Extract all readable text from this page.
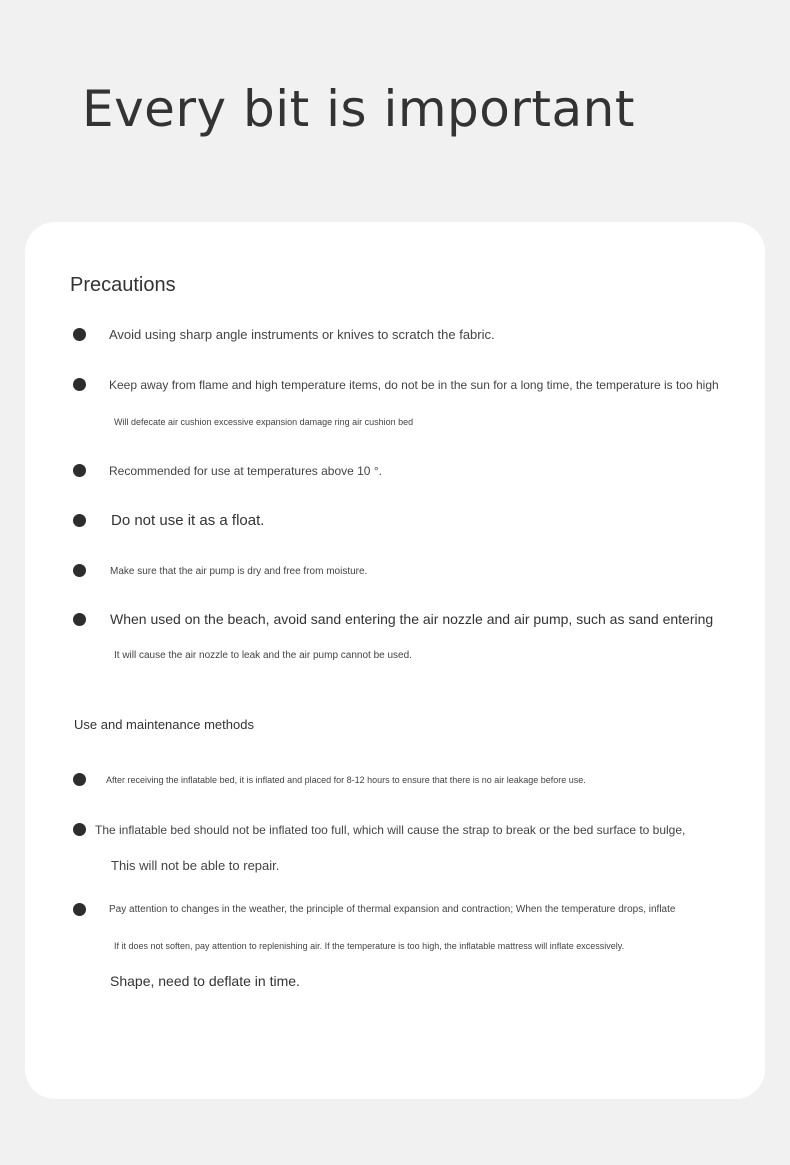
Every bit is important
Precautions
Avoid using sharp angle instruments or knives to scratch the fabric.
Keep away from flame and high temperature items, do not be in the sun for a long time, the temperature is too high
Will defecate air cushion excessive expansion damage ring air cushion bed
Recommended for use at temperatures above 10 °.
Do not use it as a float.
Make sure that the air pump is dry and free from moisture.
When used on the beach, avoid sand entering the air nozzle and air pump, such as sand entering
It will cause the air nozzle to leak and the air pump cannot be used.
Use and maintenance methods
After receiving the inflatable bed, it is inflated and placed for 8-12 hours to ensure that there is no air leakage before use.
The inflatable bed should not be inflated too full, which will cause the strap to break or the bed surface to bulge,
This will not be able to repair.
Pay attention to changes in the weather, the principle of thermal expansion and contraction; When the temperature drops, inflate
If it does not soften, pay attention to replenishing air. If the temperature is too high, the inflatable mattress will inflate excessively.
Shape, need to deflate in time.
